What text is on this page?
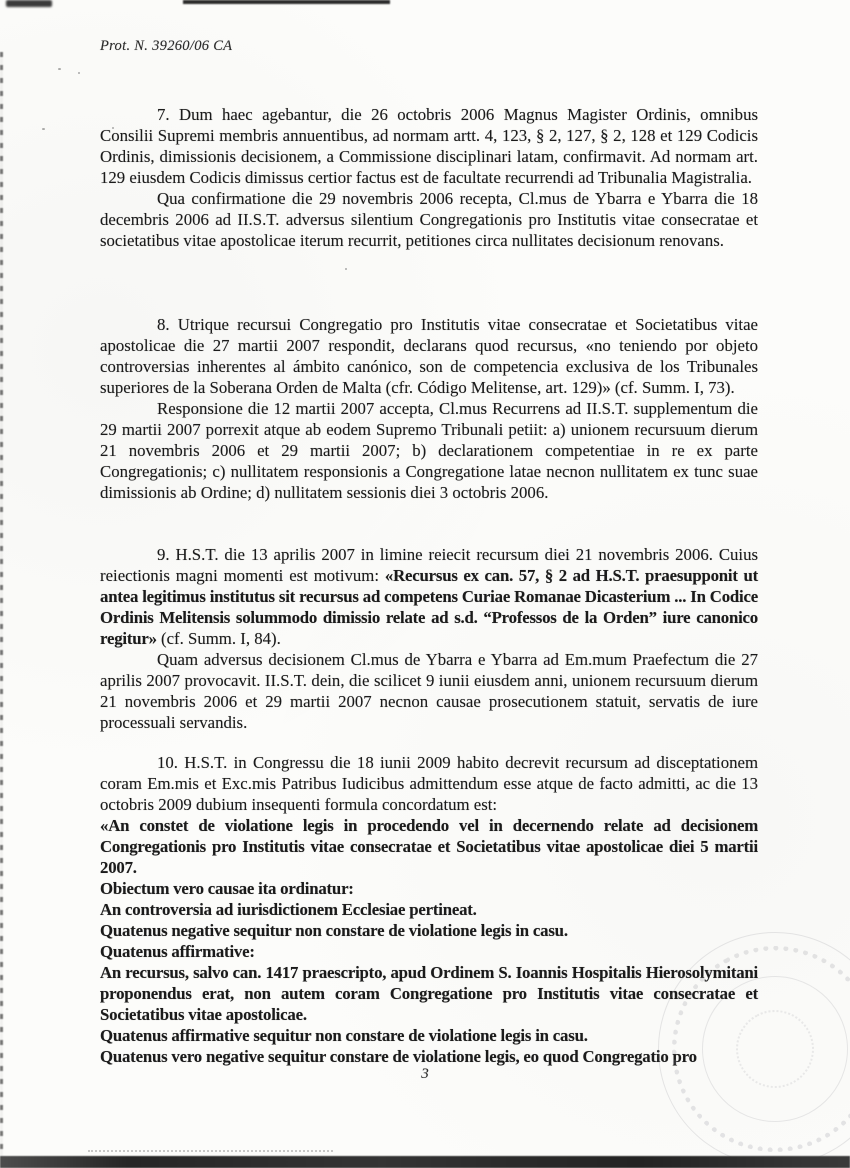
Prot. N. 39260/06 CA

7. Dum haec agebantur, die 26 octobris 2006 Magnus Magister Ordinis, omnibus Consilii Supremi membris annuentibus, ad normam artt. 4, 123, § 2, 127, § 2, 128 et 129 Codicis Ordinis, dimissionis decisionem, a Commissione disciplinari latam, confirmavit. Ad normam art. 129 eiusdem Codicis dimissus certior factus est de facultate recurrendi ad Tribunalia Magistralia.

Qua confirmatione die 29 novembris 2006 recepta, Cl.mus de Ybarra e Ybarra die 18 decembris 2006 ad II.S.T. adversus silentium Congregationis pro Institutis vitae consecratae et societatibus vitae apostolicae iterum recurrit, petitiones circa nullitates decisionum renovans.

8. Utrique recursui Congregatio pro Institutis vitae consecratae et Societatibus vitae apostolicae die 27 martii 2007 respondit, declarans quod recursus, «no teniendo por objeto controversias inherentes al ámbito canónico, son de competencia exclusiva de los Tribunales superiores de la Soberana Orden de Malta (cfr. Código Melitense, art. 129)» (cf. Summ. I, 73).

Responsione die 12 martii 2007 accepta, Cl.mus Recurrens ad II.S.T. supplementum die 29 martii 2007 porrexit atque ab eodem Supremo Tribunali petiit: a) unionem recursuum dierum 21 novembris 2006 et 29 martii 2007; b) declarationem competentiae in re ex parte Congregationis; c) nullitatem responsionis a Congregatione latae necnon nullitatem ex tunc suae dimissionis ab Ordine; d) nullitatem sessionis diei 3 octobris 2006.

9. H.S.T. die 13 aprilis 2007 in limine reiecit recursum diei 21 novembris 2006. Cuius reiectionis magni momenti est motivum: «Recursus ex can. 57, § 2 ad H.S.T. praesupponit ut antea legitimus institutus sit recursus ad competens Curiae Romanae Dicasterium ... In Codice Ordinis Melitensis solummodo dimissio relate ad s.d. “Professos de la Orden” iure canonico regitur» (cf. Summ. I, 84).

Quam adversus decisionem Cl.mus de Ybarra e Ybarra ad Em.mum Praefectum die 27 aprilis 2007 provocavit. II.S.T. dein, die scilicet 9 iunii eiusdem anni, unionem recursuum dierum 21 novembris 2006 et 29 martii 2007 necnon causae prosecutionem statuit, servatis de iure processuali servandis.

10. H.S.T. in Congressu die 18 iunii 2009 habito decrevit recursum ad disceptationem coram Em.mis et Exc.mis Patribus Iudicibus admittendum esse atque de facto admitti, ac die 13 octobris 2009 dubium insequenti formula concordatum est:

«An constet de violatione legis in procedendo vel in decernendo relate ad decisionem Congregationis pro Institutis vitae consecratae et Societatibus vitae apostolicae diei 5 martii 2007.

Obiectum vero causae ita ordinatur:

An controversia ad iurisdictionem Ecclesiae pertineat.

Quatenus negative sequitur non constare de violatione legis in casu.

Quatenus affirmative:

An recursus, salvo can. 1417 praescripto, apud Ordinem S. Ioannis Hospitalis Hierosolymitani proponendus erat, non autem coram Congregatione pro Institutis vitae consecratae et Societatibus vitae apostolicae.

Quatenus affirmative sequitur non constare de violatione legis in casu.

Quatenus vero negative sequitur constare de violatione legis, eo quod Congregatio pro

3
